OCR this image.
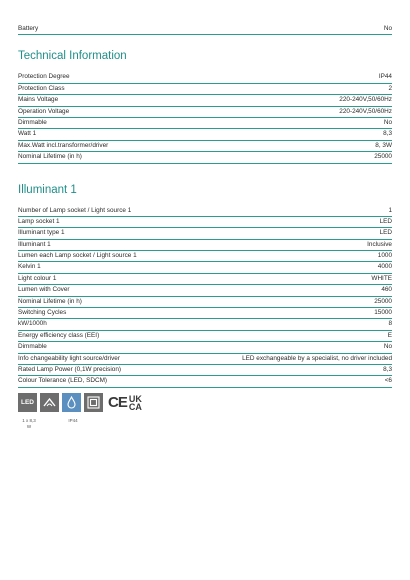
Battery	No
Technical Information
Protection Degree	IP44
Protection Class	2
Mains Voltage	220-240V,50/60Hz
Operation Voltage	220-240V,50/60Hz
Dimmable	No
Watt 1	8,3
Max.Watt incl.transformer/driver	8, 3W
Nominal Lifetime (in h)	25000
Illuminant 1
Number of Lamp socket / Light source 1	1
Lamp socket 1	LED
Illuminant type 1	LED
Illuminant 1	Inclusive
Lumen each Lamp socket / Light source 1	1000
Kelvin 1	4000
Light colour 1	WHITE
Lumen with Cover	460
Nominal Lifetime (in h)	25000
Switching Cycles	15000
kW/1000h	8
Energy efficiency class (EEI)	E
Dimmable	No
Info changeability light source/driver	LED exchangeable by a specialist, no driver included
Rated Lamp Power (0,1W precision)	8,3
Colour Tolerance (LED, SDCM)	<6
LED	CE UK
CA
1 x 8,3
W
IP44
